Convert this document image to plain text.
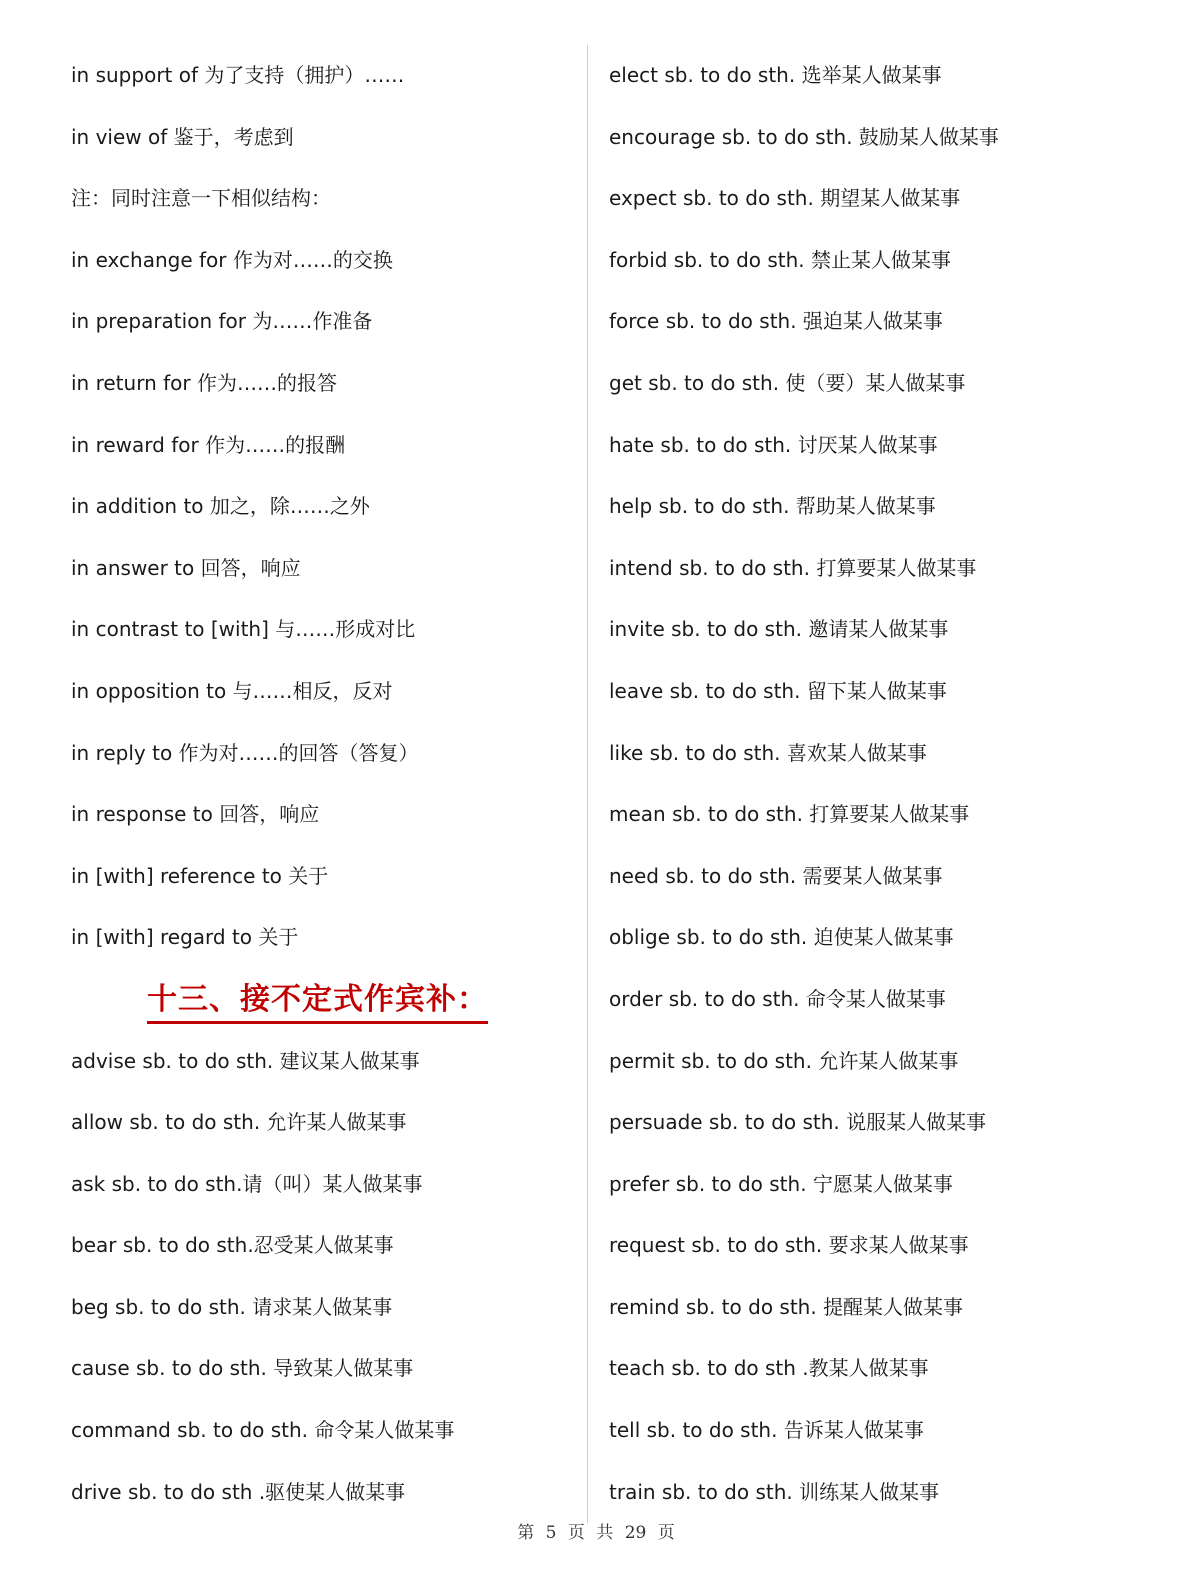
in support of 为了支持（拥护）……
in view of 鉴于，考虑到
注：同时注意一下相似结构：
in exchange for 作为对……的交换
in preparation for 为……作准备
in return for 作为……的报答
in reward for 作为……的报酬
in addition to 加之，除……之外
in answer to 回答，响应
in contrast to [with] 与……形成对比
in opposition to 与……相反，反对
in reply to 作为对……的回答（答复）
in response to 回答，响应
in [with] reference to 关于
in [with] regard to 关于
十三、接不定式作宾补：
advise sb. to do sth. 建议某人做某事
allow sb. to do sth. 允许某人做某事
ask sb. to do sth.请（叫）某人做某事
bear sb. to do sth.忍受某人做某事
beg sb. to do sth. 请求某人做某事
cause sb. to do sth. 导致某人做某事
command sb. to do sth. 命令某人做某事
drive sb. to do sth .驱使某人做某事
elect sb. to do sth. 选举某人做某事
encourage sb. to do sth. 鼓励某人做某事
expect sb. to do sth. 期望某人做某事
forbid sb. to do sth. 禁止某人做某事
force sb. to do sth. 强迫某人做某事
get sb. to do sth. 使（要）某人做某事
hate sb. to do sth. 讨厌某人做某事
help sb. to do sth. 帮助某人做某事
intend sb. to do sth. 打算要某人做某事
invite sb. to do sth. 邀请某人做某事
leave sb. to do sth. 留下某人做某事
like sb. to do sth. 喜欢某人做某事
mean sb. to do sth. 打算要某人做某事
need sb. to do sth. 需要某人做某事
oblige sb. to do sth. 迫使某人做某事
order sb. to do sth. 命令某人做某事
permit sb. to do sth. 允许某人做某事
persuade sb. to do sth. 说服某人做某事
prefer sb. to do sth. 宁愿某人做某事
request sb. to do sth. 要求某人做某事
remind sb. to do sth. 提醒某人做某事
teach sb. to do sth .教某人做某事
tell sb. to do sth. 告诉某人做某事
train sb. to do sth. 训练某人做某事
第 5 页 共 29 页
